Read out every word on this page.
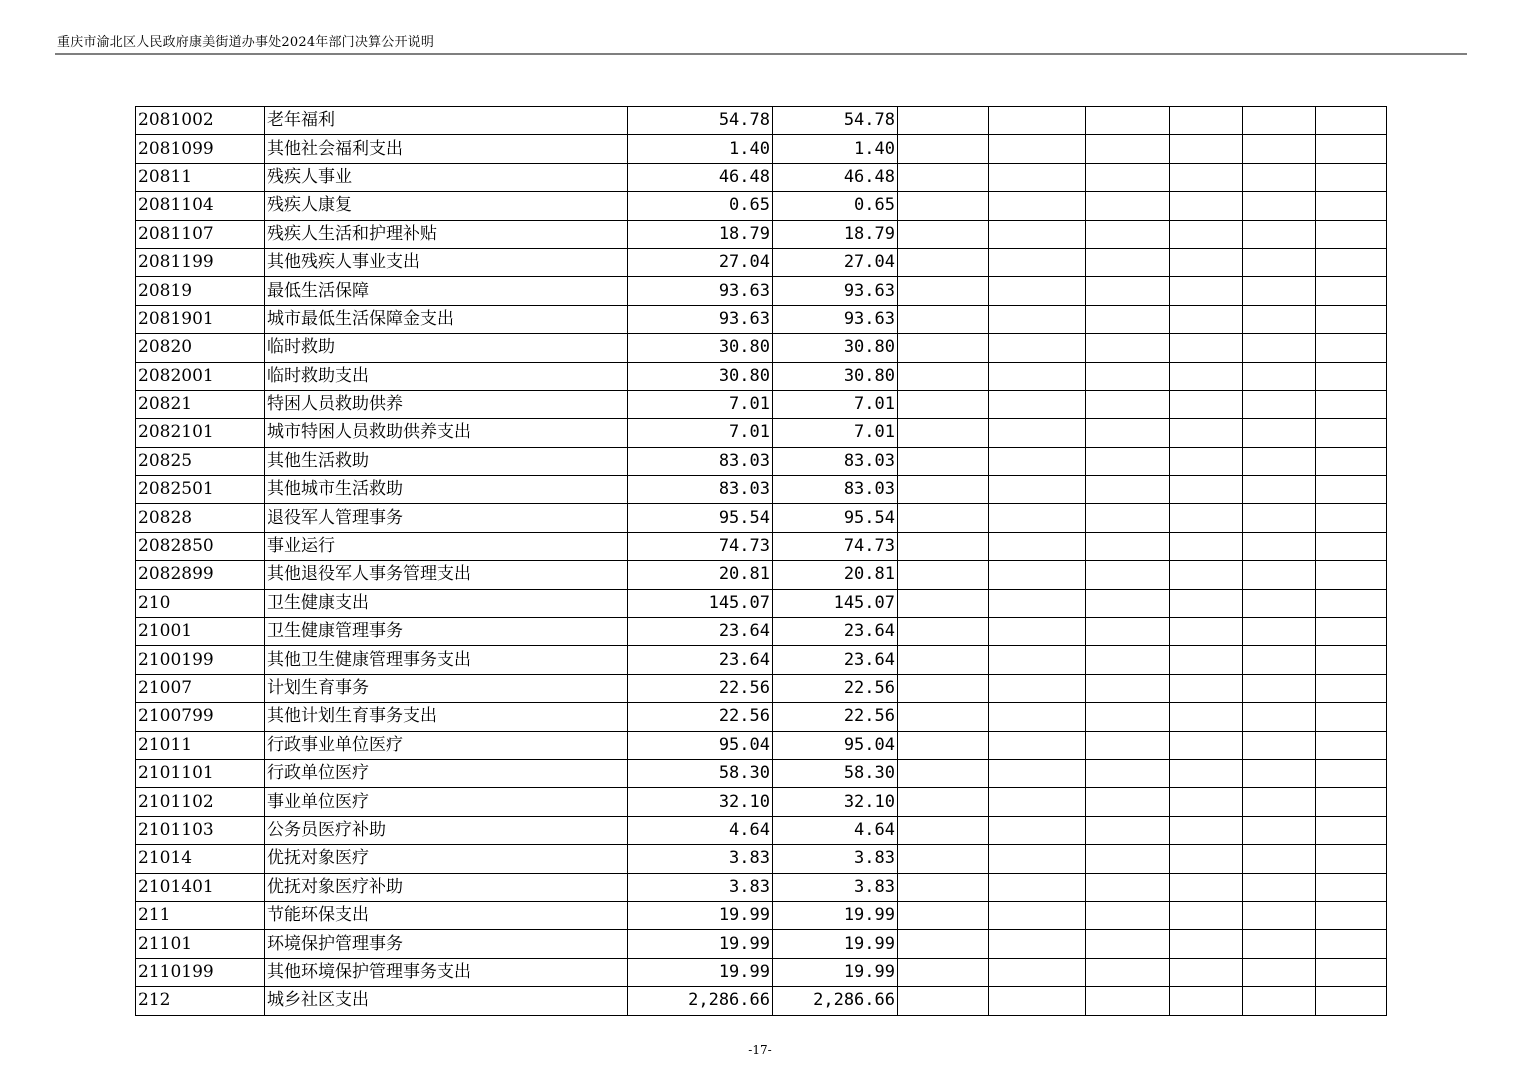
重庆市渝北区人民政府康美街道办事处2024年部门决算公开说明
2081002	老年福利	54.78	54.78						
2081099	其他社会福利支出	1.40	1.40						
20811	残疾人事业	46.48	46.48						
2081104	残疾人康复	0.65	0.65						
2081107	残疾人生活和护理补贴	18.79	18.79						
2081199	其他残疾人事业支出	27.04	27.04						
20819	最低生活保障	93.63	93.63						
2081901	城市最低生活保障金支出	93.63	93.63						
20820	临时救助	30.80	30.80						
2082001	临时救助支出	30.80	30.80						
20821	特困人员救助供养	7.01	7.01						
2082101	城市特困人员救助供养支出	7.01	7.01						
20825	其他生活救助	83.03	83.03						
2082501	其他城市生活救助	83.03	83.03						
20828	退役军人管理事务	95.54	95.54						
2082850	事业运行	74.73	74.73						
2082899	其他退役军人事务管理支出	20.81	20.81						
210	卫生健康支出	145.07	145.07						
21001	卫生健康管理事务	23.64	23.64						
2100199	其他卫生健康管理事务支出	23.64	23.64						
21007	计划生育事务	22.56	22.56						
2100799	其他计划生育事务支出	22.56	22.56						
21011	行政事业单位医疗	95.04	95.04						
2101101	行政单位医疗	58.30	58.30						
2101102	事业单位医疗	32.10	32.10						
2101103	公务员医疗补助	4.64	4.64						
21014	优抚对象医疗	3.83	3.83						
2101401	优抚对象医疗补助	3.83	3.83						
211	节能环保支出	19.99	19.99						
21101	环境保护管理事务	19.99	19.99						
2110199	其他环境保护管理事务支出	19.99	19.99						
212	城乡社区支出	2,286.66	2,286.66						
-17-
